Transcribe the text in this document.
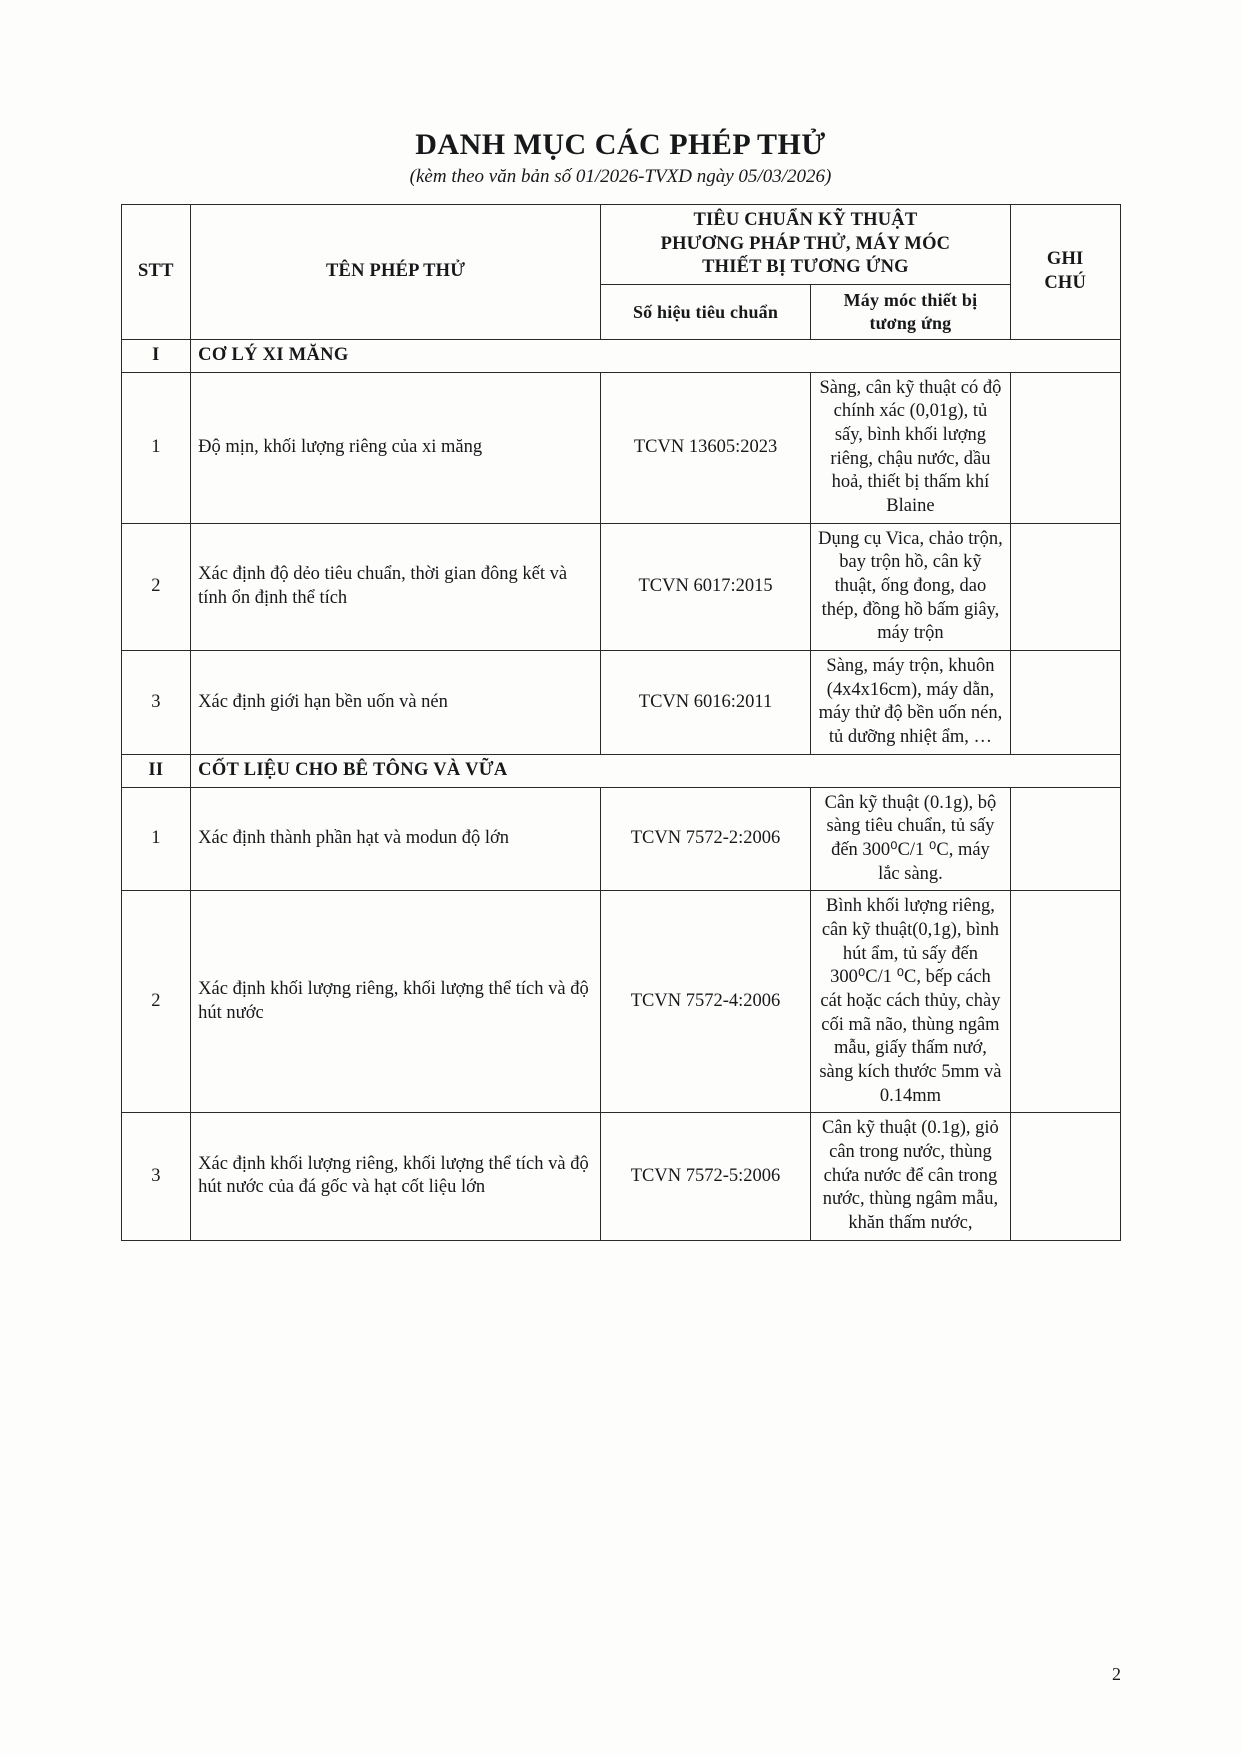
DANH MỤC CÁC PHÉP THỬ
(kèm theo văn bản số 01/2026-TVXD ngày 05/03/2026)
STT	TÊN PHÉP THỬ	
TIÊU CHUẨN KỸ THUẬT
PHƯƠNG PHÁP THỬ, MÁY MÓC
THIẾT BỊ TƯƠNG ỨNG	GHI
CHÚ

		Số hiệu tiêu chuẩn	Máy móc thiết bị tương ứng	
I	CƠ LÝ XI MĂNG			
1	Độ mịn, khối lượng riêng của xi măng	TCVN 13605:2023	Sàng, cân kỹ thuật có độ chính xác (0,01g), tủ sấy, bình khối lượng riêng, chậu nước, dầu hoả, thiết bị thấm khí Blaine	
2	Xác định độ dẻo tiêu chuẩn, thời gian đông kết và tính ổn định thể tích	TCVN 6017:2015	Dụng cụ Vica, chảo trộn, bay trộn hồ, cân kỹ thuật, ống đong, dao thép, đồng hồ bấm giây, máy trộn	
3	Xác định giới hạn bền uốn và nén	TCVN 6016:2011	Sàng, máy trộn, khuôn (4x4x16cm), máy dằn, máy thử độ bền uốn nén, tủ dưỡng nhiệt ẩm, …	
II	CỐT LIỆU CHO BÊ TÔNG VÀ VỮA			
1	Xác định thành phần hạt và modun độ lớn	TCVN 7572-2:2006	Cân kỹ thuật (0.1g), bộ sàng tiêu chuẩn, tủ sấy đến 300⁰C/1 ⁰C, máy lắc sàng.	
2	Xác định khối lượng riêng, khối lượng thể tích và độ hút nước	TCVN 7572-4:2006	Bình khối lượng riêng, cân kỹ thuật(0,1g), bình hút ẩm, tủ sấy đến 300⁰C/1 ⁰C, bếp cách cát hoặc cách thủy, chày cối mã não, thùng ngâm mẫu, giấy thấm nướ, sàng kích thước 5mm và 0.14mm	
3	Xác định khối lượng riêng, khối lượng thể tích và độ hút nước của đá gốc và hạt cốt liệu lớn	TCVN 7572-5:2006	Cân kỹ thuật (0.1g), giỏ cân trong nước, thùng chứa nước để cân trong nước, thùng ngâm mẫu, khăn thấm nước,	
2
